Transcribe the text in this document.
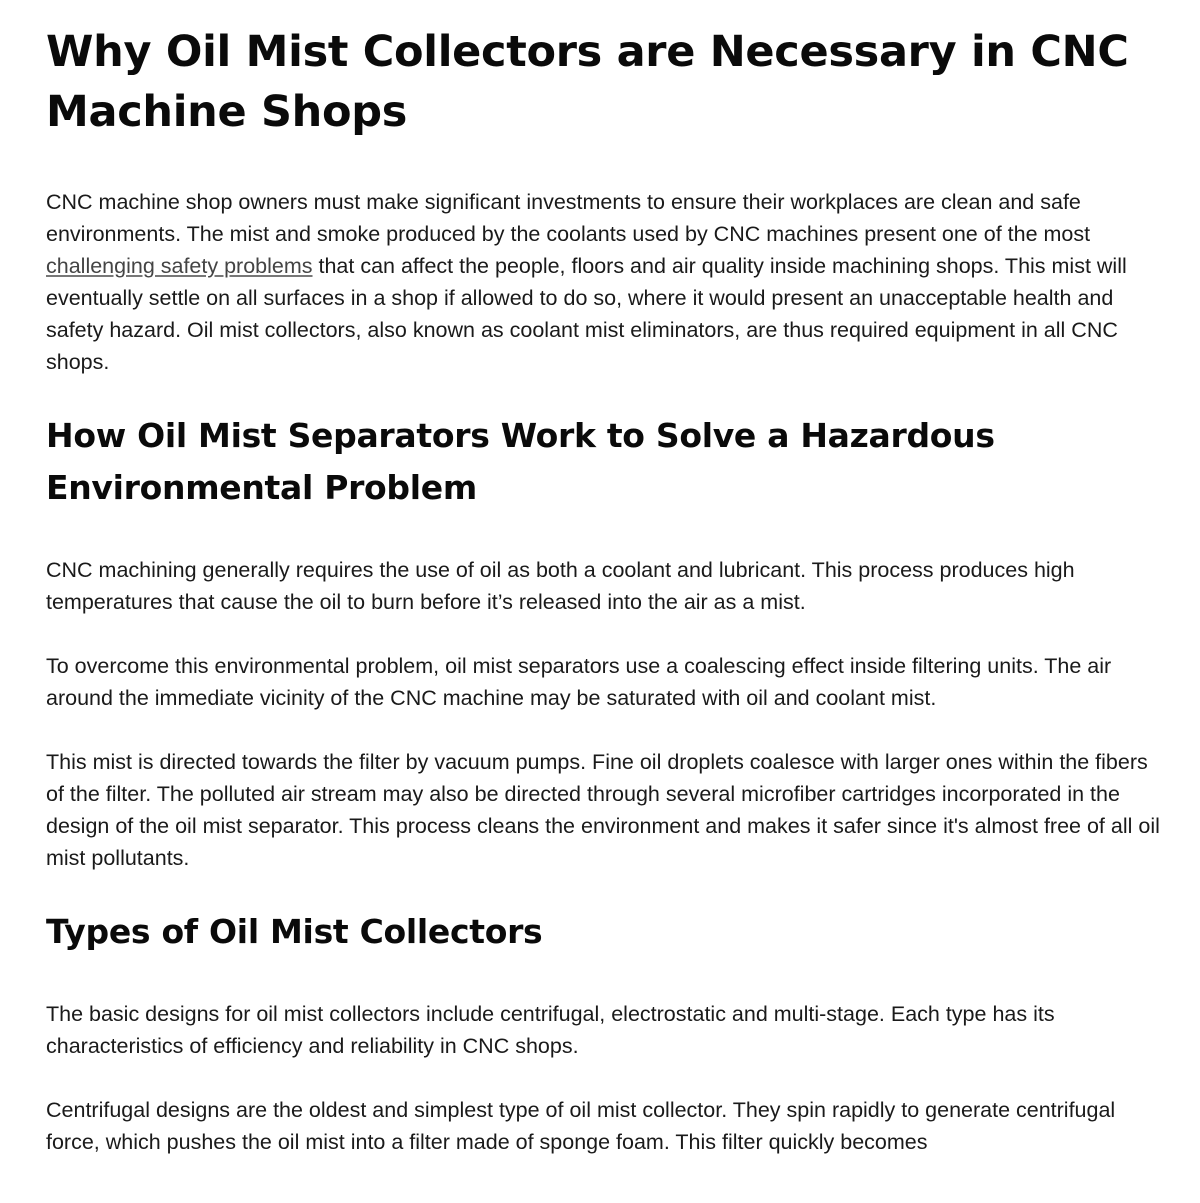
Why Oil Mist Collectors are Necessary in CNC Machine Shops

CNC machine shop owners must make significant investments to ensure their workplaces are clean and safe environments. The mist and smoke produced by the coolants used by CNC machines present one of the most challenging safety problems that can affect the people, floors and air quality inside machining shops. This mist will eventually settle on all surfaces in a shop if allowed to do so, where it would present an unacceptable health and safety hazard. Oil mist collectors, also known as coolant mist eliminators, are thus required equipment in all CNC shops.

How Oil Mist Separators Work to Solve a Hazardous Environmental Problem

CNC machining generally requires the use of oil as both a coolant and lubricant. This process produces high temperatures that cause the oil to burn before it’s released into the air as a mist.

To overcome this environmental problem, oil mist separators use a coalescing effect inside filtering units. The air around the immediate vicinity of the CNC machine may be saturated with oil and coolant mist.

This mist is directed towards the filter by vacuum pumps. Fine oil droplets coalesce with larger ones within the fibers of the filter. The polluted air stream may also be directed through several microfiber cartridges incorporated in the design of the oil mist separator. This process cleans the environment and makes it safer since it's almost free of all oil mist pollutants.

Types of Oil Mist Collectors

The basic designs for oil mist collectors include centrifugal, electrostatic and multi-stage. Each type has its characteristics of efficiency and reliability in CNC shops.

Centrifugal designs are the oldest and simplest type of oil mist collector. They spin rapidly to generate centrifugal force, which pushes the oil mist into a filter made of sponge foam. This filter quickly becomes
